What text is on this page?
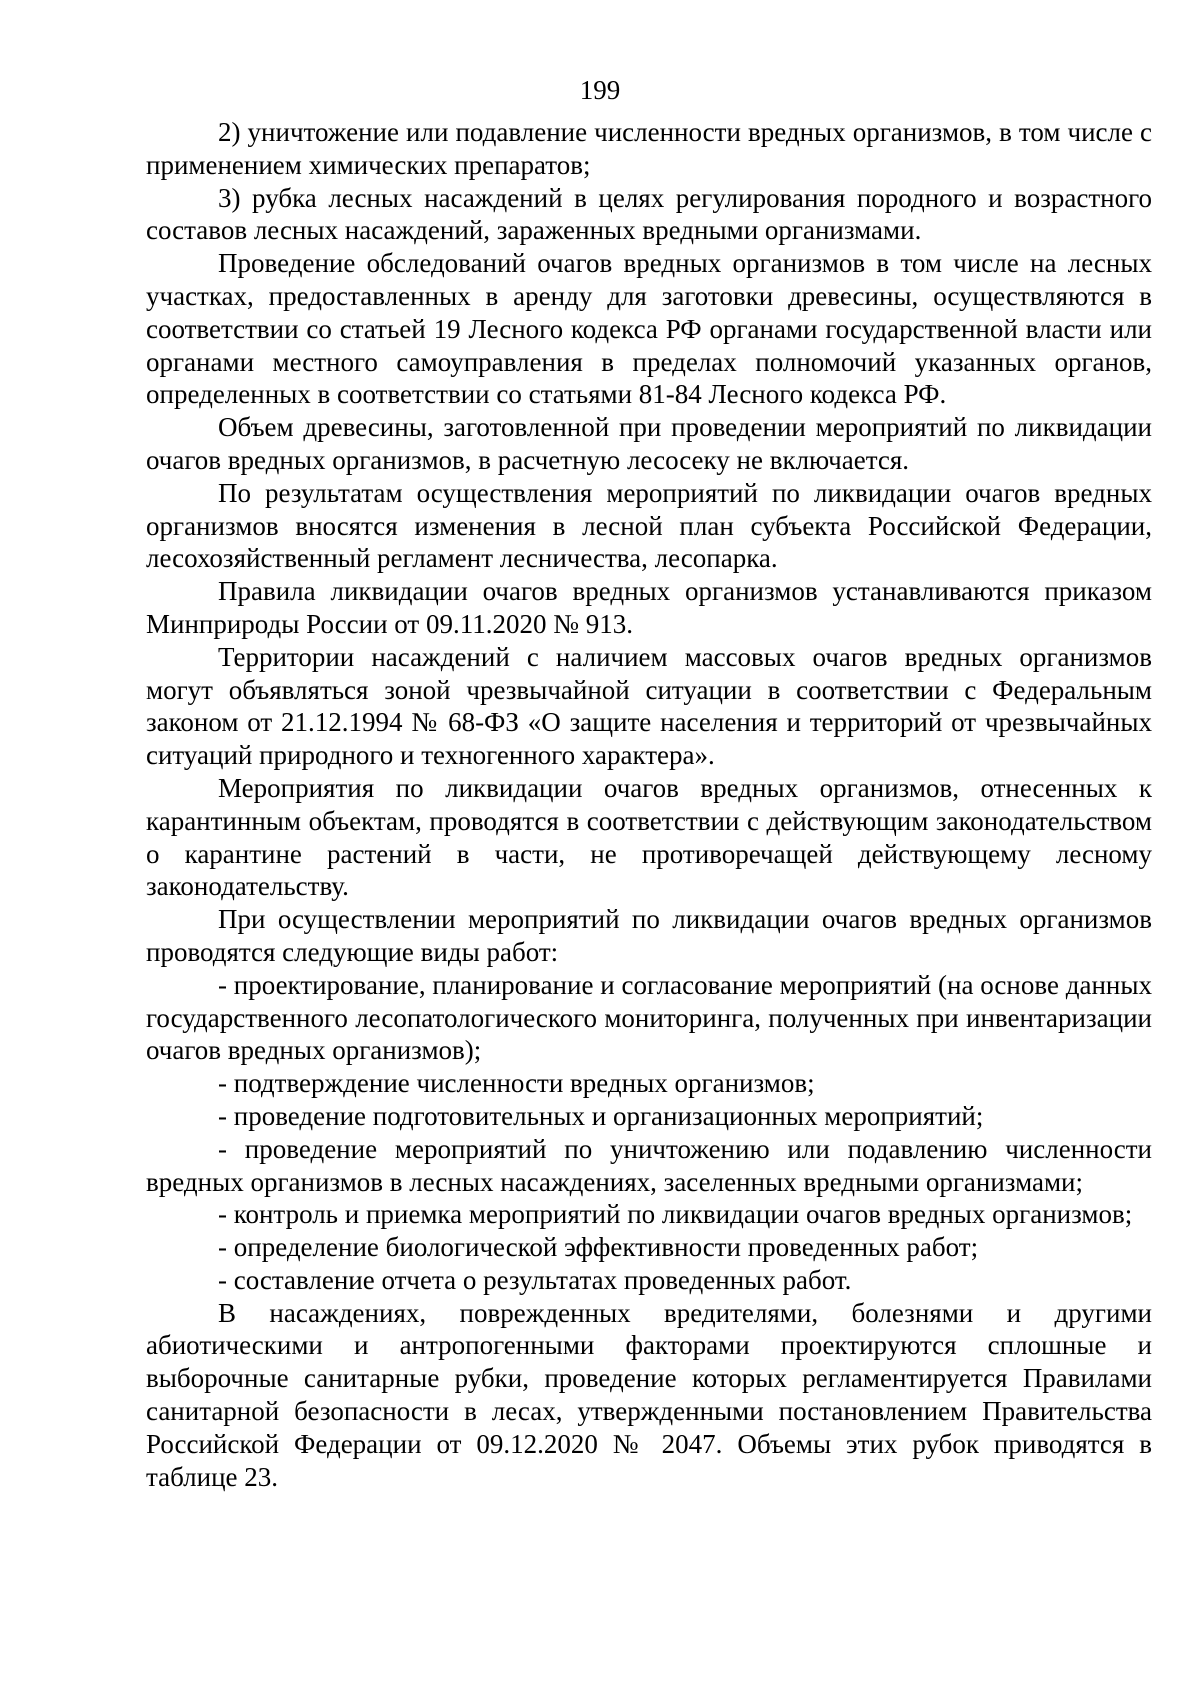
199

2) уничтожение или подавление численности вредных организмов, в том числе с применением химических препаратов;

3) рубка лесных насаждений в целях регулирования породного и возрастного составов лесных насаждений, зараженных вредными организмами.

Проведение обследований очагов вредных организмов в том числе на лесных участках, предоставленных в аренду для заготовки древесины, осуществляются в соответствии со статьей 19 Лесного кодекса РФ органами государственной власти или органами местного самоуправления в пределах полномочий указанных органов, определенных в соответствии со статьями 81-84 Лесного кодекса РФ.

Объем древесины, заготовленной при проведении мероприятий по ликвидации очагов вредных организмов, в расчетную лесосеку не включается.

По результатам осуществления мероприятий по ликвидации очагов вредных организмов вносятся изменения в лесной план субъекта Российской Федерации, лесохозяйственный регламент лесничества, лесопарка.

Правила ликвидации очагов вредных организмов устанавливаются приказом Минприроды России от 09.11.2020 № 913.

Территории насаждений с наличием массовых очагов вредных организмов могут объявляться зоной чрезвычайной ситуации в соответствии с Федеральным законом от 21.12.1994 № 68-ФЗ «О защите населения и территорий от чрезвычайных ситуаций природного и техногенного характера».

Мероприятия по ликвидации очагов вредных организмов, отнесенных к карантинным объектам, проводятся в соответствии с действующим законодательством о карантине растений в части, не противоречащей действующему лесному законодательству.

При осуществлении мероприятий по ликвидации очагов вредных организмов проводятся следующие виды работ:

- проектирование, планирование и согласование мероприятий (на основе данных государственного лесопатологического мониторинга, полученных при инвентаризации очагов вредных организмов);

- подтверждение численности вредных организмов;

- проведение подготовительных и организационных мероприятий;

- проведение мероприятий по уничтожению или подавлению численности вредных организмов в лесных насаждениях, заселенных вредными организмами;

- контроль и приемка мероприятий по ликвидации очагов вредных организмов;

- определение биологической эффективности проведенных работ;

- составление отчета о результатах проведенных работ.

В насаждениях, поврежденных вредителями, болезнями и другими абиотическими и антропогенными факторами проектируются сплошные и выборочные санитарные рубки, проведение которых регламентируется Правилами санитарной безопасности в лесах, утвержденными постановлением Правительства Российской Федерации от 09.12.2020 № 2047. Объемы этих рубок приводятся в таблице 23.
